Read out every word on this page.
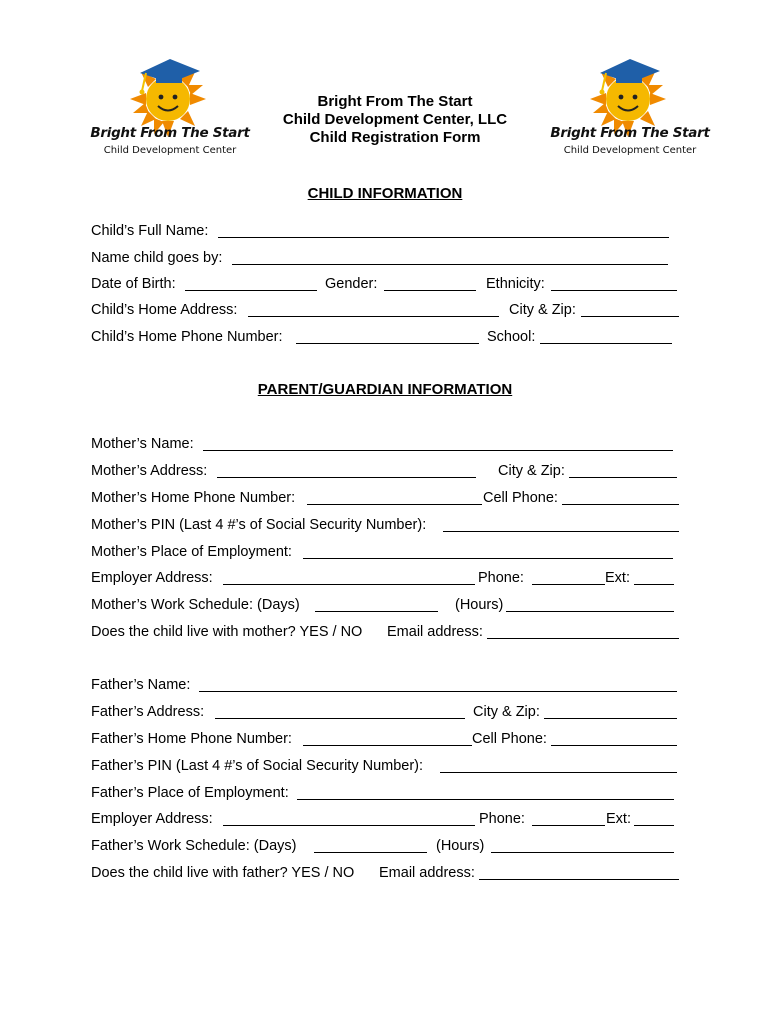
Bright From The Start
Child Development Center
Bright From The Start
Child Development Center
Bright From The Start
Child Development Center, LLC
Child Registration Form
CHILD INFORMATION
Child’s Full Name:
Name child goes by:
Date of Birth:	Gender:	Ethnicity:
Child’s Home Address:	City & Zip:
Child’s Home Phone Number:	School:
PARENT/GUARDIAN INFORMATION
Mother’s Name:
Mother’s Address:	City & Zip:
Mother’s Home Phone Number:	Cell Phone:
Mother’s PIN (Last 4 #’s of Social Security Number):
Mother’s Place of Employment:
Employer Address:	Phone:	Ext:
Mother’s Work Schedule: (Days)	(Hours)
Does the child live with mother? YES / NO Email address:
Father’s Name:
Father’s Address:	City & Zip:
Father’s Home Phone Number:	Cell Phone:
Father’s PIN (Last 4 #’s of Social Security Number):
Father’s Place of Employment:
Employer Address:	Phone:	Ext:
Father’s Work Schedule: (Days)	(Hours)
Does the child live with father? YES / NO Email address:
